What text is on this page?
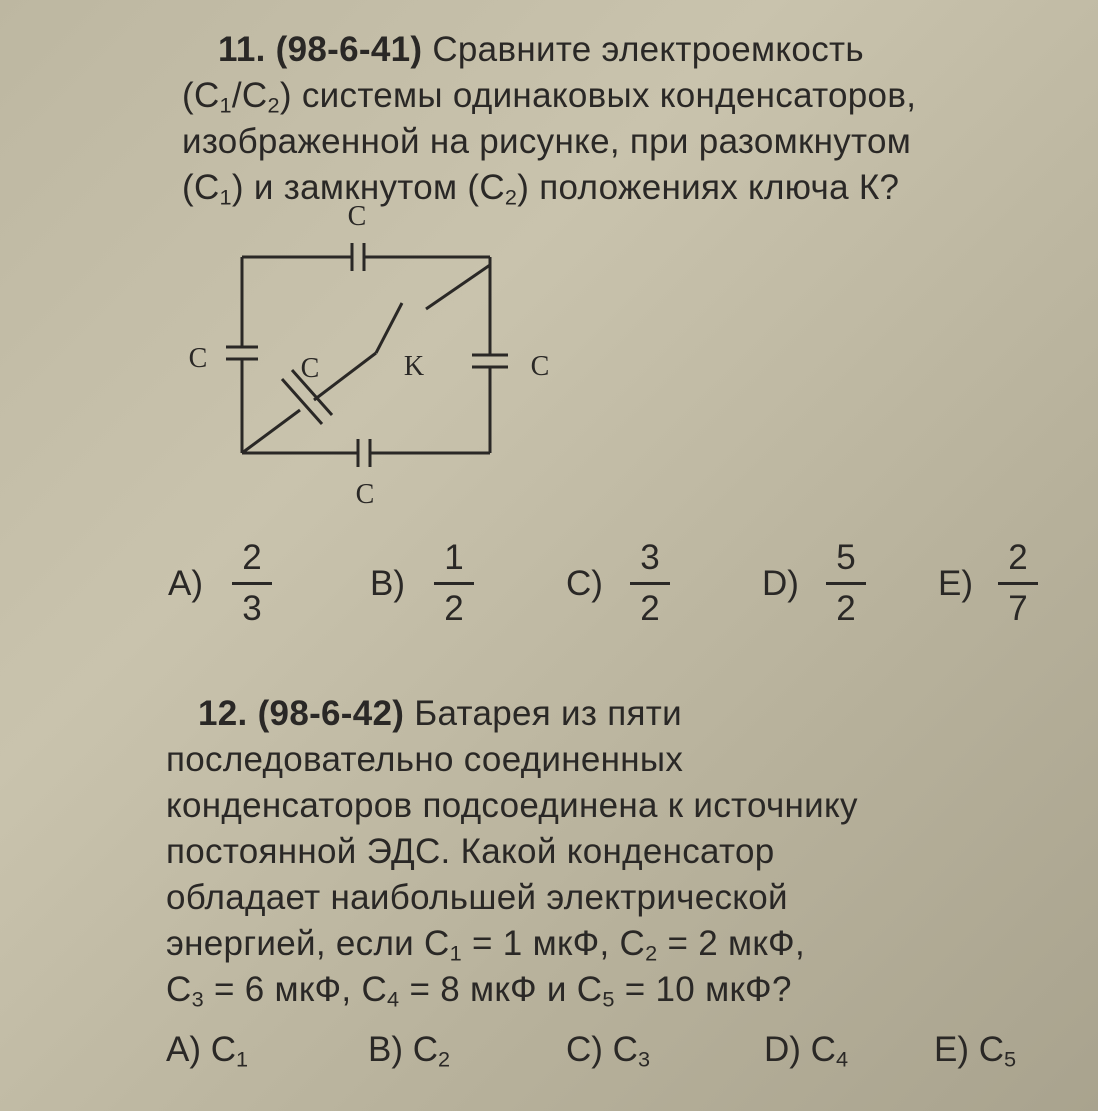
11. (98-6-41) Сравните электроемкость
$(C_1/C_2)$ системы одинаковых конденсаторов,
изображенной на рисунке, при разомкнутом
$(C_1)$ и замкнутом $(C_2)$ положениях ключа К?
C
C	C	K	C
C
A)
2
3
B)
1
2
C)
3
2
D)
5
2
E)
2
7
12. (98-6-42) Батарея из пяти
последовательно соединенных
конденсаторов подсоединена к источнику
постоянной ЭДС. Какой конденсатор
обладает наибольшей электрической
энергией, если $C_1 = 1$ мкФ, $C_2 = 2$ мкФ,
$C_3 = 6$ мкФ, $C_4 = 8$ мкФ и $C_5 = 10$ мкФ?
A) $C_1$	B) $C_2$	C) $C_3$	D) $C_4$ E) $C_5$
